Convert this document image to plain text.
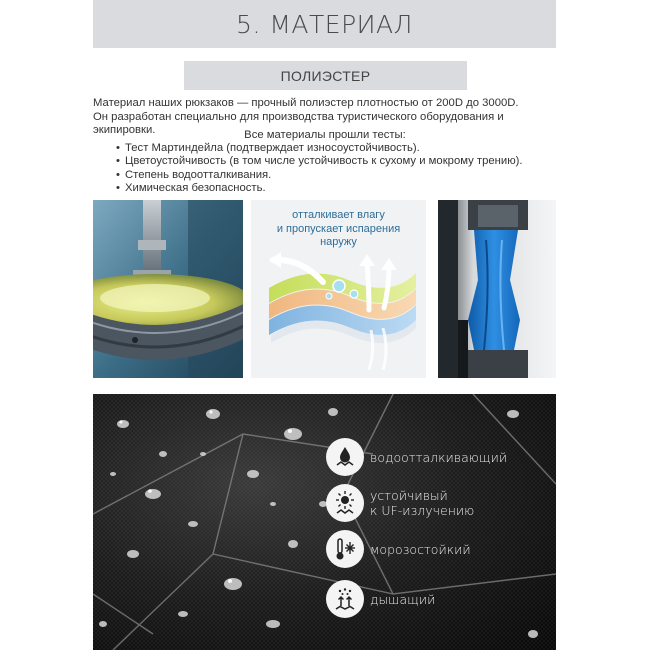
5. МАТЕРИАЛ
ПОЛИЭСТЕР
Материал наших рюкзаков — прочный полиэстер плотностью от 200D до 3000D.
Он разработан специально для производства туристического оборудования и экипировки.	Все материалы прошли тесты:
• Тест Мартиндейла (подтверждает износоустойчивость).
• Цветоустойчивость (в том числе устойчивость к сухому и мокрому трению).
• Степень водоотталкивания.
• Химическая безопасность.
отталкивает влагу
и пропускает испарения
наружу
водоотталкивающий
устойчивый
к UF-излучению
морозостойкий
дышащий
